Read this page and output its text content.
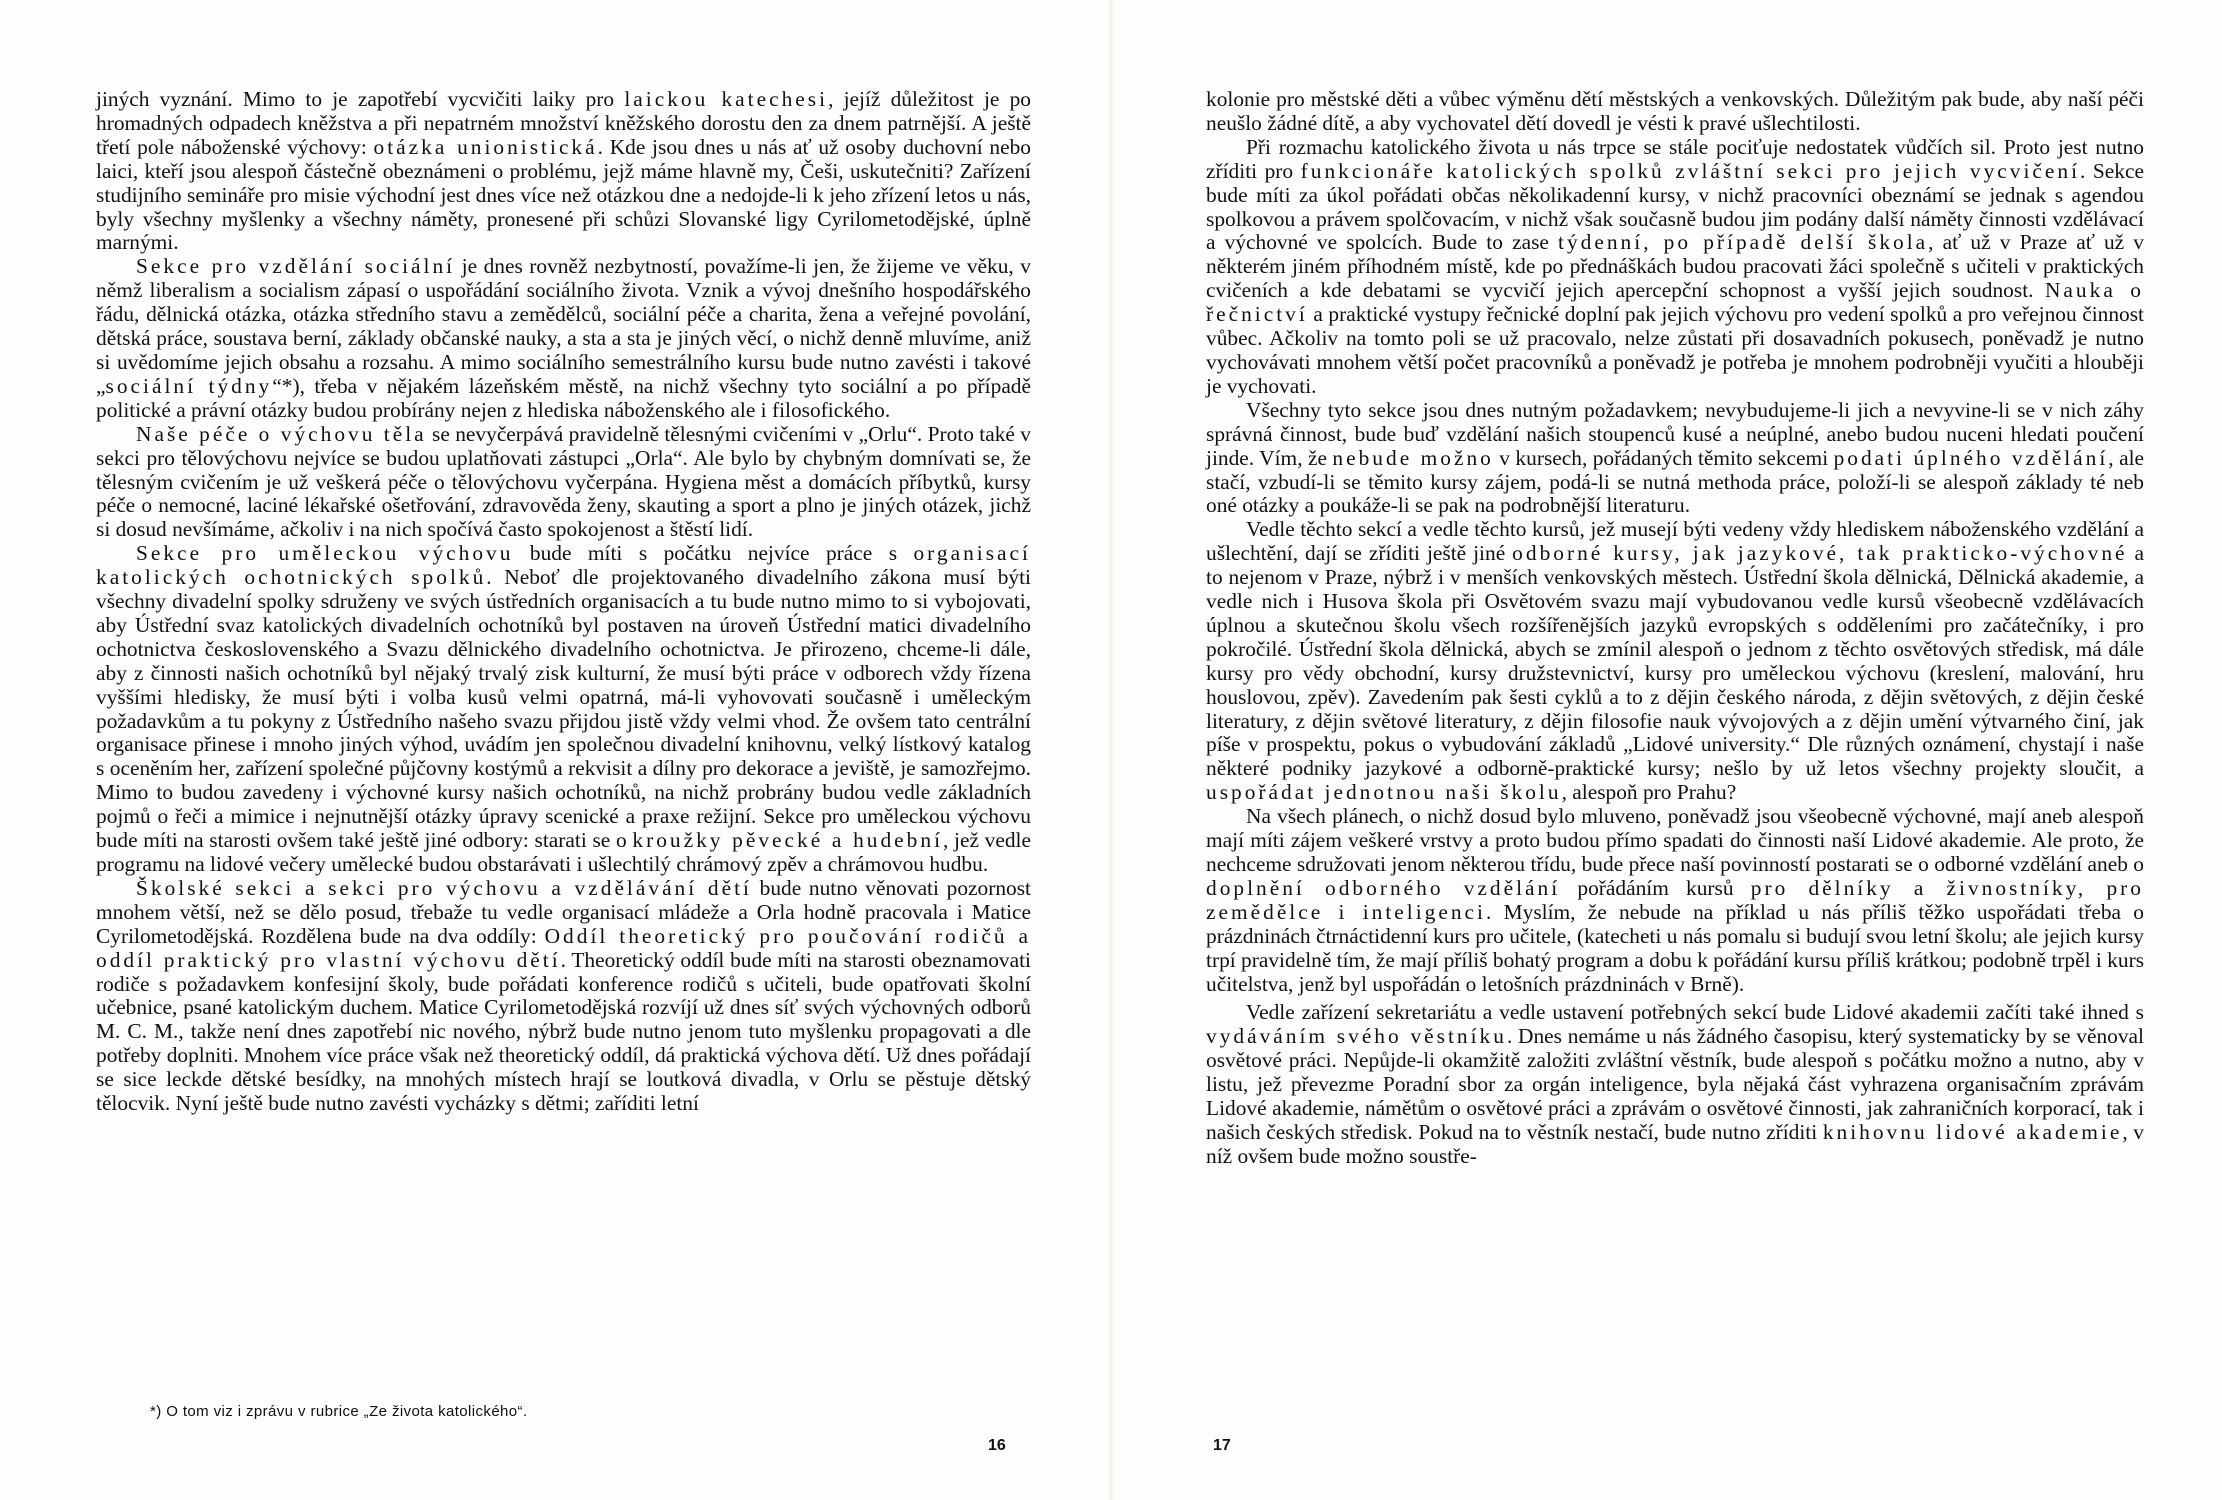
jiných vyznání. Mimo to je zapotřebí vycvičiti laiky pro laickou katechesi, jejíž důležitost je po hromadných odpadech kněžstva a při nepatrném množství kněžského dorostu den za dnem patrnější. A ještě třetí pole náboženské výchovy: otázka unionistická. Kde jsou dnes u nás ať už osoby duchovní nebo laici, kteří jsou alespoň částečně obeznámeni o problému, jejž máme hlavně my, Češi, uskutečniti? Zařízení studijního semináře pro misie východní jest dnes více než otázkou dne a nedojde-li k jeho zřízení letos u nás, byly všechny myšlenky a všechny náměty, pronesené při schůzi Slovanské ligy Cyrilometodějské, úplně marnými.

Sekce pro vzdělání sociální je dnes rovněž nezbytností, považíme-li jen, že žijeme ve věku, v němž liberalism a socialism zápasí o uspořádání sociálního života. Vznik a vývoj dnešního hospodářského řádu, dělnická otázka, otázka středního stavu a zemědělců, sociální péče a charita, žena a veřejné povolání, dětská práce, soustava berní, základy občanské nauky, a sta a sta je jiných věcí, o nichž denně mluvíme, aniž si uvědomíme jejich obsahu a rozsahu. A mimo sociálního semestrálního kursu bude nutno zavésti i takové „sociální týdny“*), třeba v nějakém lázeňském městě, na nichž všechny tyto sociální a po případě politické a právní otázky budou probírány nejen z hlediska náboženského ale i filosofického.

Naše péče o výchovu těla se nevyčerpává pravidelně tělesnými cvičeními v „Orlu“. Proto také v sekci pro tělovýchovu nejvíce se budou uplatňovati zástupci „Orla“. Ale bylo by chybným domnívati se, že tělesným cvičením je už veškerá péče o tělovýchovu vyčerpána. Hygiena měst a domácích příbytků, kursy péče o nemocné, laciné lékařské ošetřování, zdravověda ženy, skauting a sport a plno je jiných otázek, jichž si dosud nevšímáme, ačkoliv i na nich spočívá často spokojenost a štěstí lidí.

Sekce pro uměleckou výchovu bude míti s počátku nejvíce práce s organisací katolických ochotnických spolků. Neboť dle projektovaného divadelního zákona musí býti všechny divadelní spolky sdruženy ve svých ústředních organisacích a tu bude nutno mimo to si vybojovati, aby Ústřední svaz katolických divadelních ochotníků byl postaven na úroveň Ústřední matici divadelního ochotnictva československého a Svazu dělnického divadelního ochotnictva. Je přirozeno, chceme-li dále, aby z činnosti našich ochotníků byl nějaký trvalý zisk kulturní, že musí býti práce v odborech vždy řízena vyššími hledisky, že musí býti i volba kusů velmi opatrná, má-li vyhovovati současně i uměleckým požadavkům a tu pokyny z Ústředního našeho svazu přijdou jistě vždy velmi vhod. Že ovšem tato centrální organisace přinese i mnoho jiných výhod, uvádím jen společnou divadelní knihovnu, velký lístkový katalog s oceněním her, zařízení společné půjčovny kostýmů a rekvisit a dílny pro dekorace a jeviště, je samozřejmo. Mimo to budou zavedeny i výchovné kursy našich ochotníků, na nichž probrány budou vedle základních pojmů o řeči a mimice i nejnutnější otázky úpravy scenické a praxe režijní. Sekce pro uměleckou výchovu bude míti na starosti ovšem také ještě jiné odbory: starati se o kroužky pěvecké a hudební, jež vedle programu na lidové večery umělecké budou obstarávati i ušlechtilý chrámový zpěv a chrámovou hudbu.

Školské sekci a sekci pro výchovu a vzdělávání dětí bude nutno věnovati pozornost mnohem větší, než se dělo posud, třebaže tu vedle organisací mládeže a Orla hodně pracovala i Matice Cyrilometodějská. Rozdělena bude na dva oddíly: Oddíl theoretický pro poučování rodičů a oddíl praktický pro vlastní výchovu dětí. Theoretický oddíl bude míti na starosti obeznamovati rodiče s požadavkem konfesijní školy, bude pořádati konference rodičů s učiteli, bude opatřovati školní učebnice, psané katolickým duchem. Matice Cyrilometodějská rozvíjí už dnes síť svých výchovných odborů M. C. M., takže není dnes zapotřebí nic nového, nýbrž bude nutno jenom tuto myšlenku propagovati a dle potřeby doplniti. Mnohem více práce však než theoretický oddíl, dá praktická výchova dětí. Už dnes pořádají se sice leckde dětské besídky, na mnohých místech hrají se loutková divadla, v Orlu se pěstuje dětský tělocvik. Nyní ještě bude nutno zavésti vycházky s dětmi; zaříditi letní

*) O tom viz i zprávu v rubrice „Ze života katolického“.
16

kolonie pro městské děti a vůbec výměnu dětí městských a venkovských. Důležitým pak bude, aby naší péči neušlo žádné dítě, a aby vychovatel dětí dovedl je vésti k pravé ušlechtilosti.

Při rozmachu katolického života u nás trpce se stále pociťuje nedostatek vůdčích sil. Proto jest nutno zříditi pro funkcionáře katolických spolků zvláštní sekci pro jejich vycvičení. Sekce bude míti za úkol pořádati občas několikadenní kursy, v nichž pracovníci obeznámí se jednak s agendou spolkovou a právem spolčovacím, v nichž však současně budou jim podány další náměty činnosti vzdělávací a výchovné ve spolcích. Bude to zase týdenní, po případě delší škola, ať už v Praze ať už v některém jiném příhodném místě, kde po přednáškách budou pracovati žáci společně s učiteli v praktických cvičeních a kde debatami se vycvičí jejich apercepční schopnost a vyšší jejich soudnost. Nauka o řečnictví a praktické vystupy řečnické doplní pak jejich výchovu pro vedení spolků a pro veřejnou činnost vůbec. Ačkoliv na tomto poli se už pracovalo, nelze zůstati při dosavadních pokusech, poněvadž je nutno vychovávati mnohem větší počet pracovníků a poněvadž je potřeba je mnohem podrobněji vyučiti a hlouběji je vychovati.

Všechny tyto sekce jsou dnes nutným požadavkem; nevybudujeme-li jich a nevyvine-li se v nich záhy správná činnost, bude buď vzdělání našich stoupenců kusé a neúplné, anebo budou nuceni hledati poučení jinde. Vím, že nebude možno v kursech, pořádaných těmito sekcemi podati úplného vzdělání, ale stačí, vzbudí-li se těmito kursy zájem, podá-li se nutná methoda práce, položí-li se alespoň základy té neb oné otázky a poukáže-li se pak na podrobnější literaturu.

Vedle těchto sekcí a vedle těchto kursů, jež musejí býti vedeny vždy hlediskem náboženského vzdělání a ušlechtění, dají se zříditi ještě jiné odborné kursy, jak jazykové, tak prakticko-výchovné a to nejenom v Praze, nýbrž i v menších venkovských městech. Ústřední škola dělnická, Dělnická akademie, a vedle nich i Husova škola při Osvětovém svazu mají vybudovanou vedle kursů všeobecně vzdělávacích úplnou a skutečnou školu všech rozšířenějších jazyků evropských s odděleními pro začátečníky, i pro pokročilé. Ústřední škola dělnická, abych se zmínil alespoň o jednom z těchto osvětových středisk, má dále kursy pro vědy obchodní, kursy družstevnictví, kursy pro uměleckou výchovu (kreslení, malování, hru houslovou, zpěv). Zavedením pak šesti cyklů a to z dějin českého národa, z dějin světových, z dějin české literatury, z dějin světové literatury, z dějin filosofie nauk vývojových a z dějin umění výtvarného činí, jak píše v prospektu, pokus o vybudování základů „Lidové university.“ Dle různých oznámení, chystají i naše některé podniky jazykové a odborně-praktické kursy; nešlo by už letos všechny projekty sloučit, a uspořádat jednotnou naši školu, alespoň pro Prahu?

Na všech plánech, o nichž dosud bylo mluveno, poněvadž jsou všeobecně výchovné, mají aneb alespoň mají míti zájem veškeré vrstvy a proto budou přímo spadati do činnosti naší Lidové akademie. Ale proto, že nechceme sdružovati jenom některou třídu, bude přece naší povinností postarati se o odborné vzdělání aneb o doplnění odborného vzdělání pořádáním kursů pro dělníky a živnostníky, pro zemědělce i inteligenci. Myslím, že nebude na příklad u nás příliš těžko uspořádati třeba o prázdninách čtrnáctidenní kurs pro učitele, (katecheti u nás pomalu si budují svou letní školu; ale jejich kursy trpí pravidelně tím, že mají příliš bohatý program a dobu k pořádání kursu příliš krátkou; podobně trpěl i kurs učitelstva, jenž byl uspořádán o letošních prázdninách v Brně).

Vedle zařízení sekretariátu a vedle ustavení potřebných sekcí bude Lidové akademii začíti také ihned s vydáváním svého věstníku. Dnes nemáme u nás žádného časopisu, který systematicky by se věnoval osvětové práci. Nepůjde-li okamžitě založiti zvláštní věstník, bude alespoň s počátku možno a nutno, aby v listu, jež převezme Poradní sbor za orgán inteligence, byla nějaká část vyhrazena organisačním zprávám Lidové akademie, námětům o osvětové práci a zprávám o osvětové činnosti, jak zahraničních korporací, tak i našich českých středisk. Pokud na to věstník nestačí, bude nutno zříditi knihovnu lidové akademie, v níž ovšem bude možno soustře-

17
